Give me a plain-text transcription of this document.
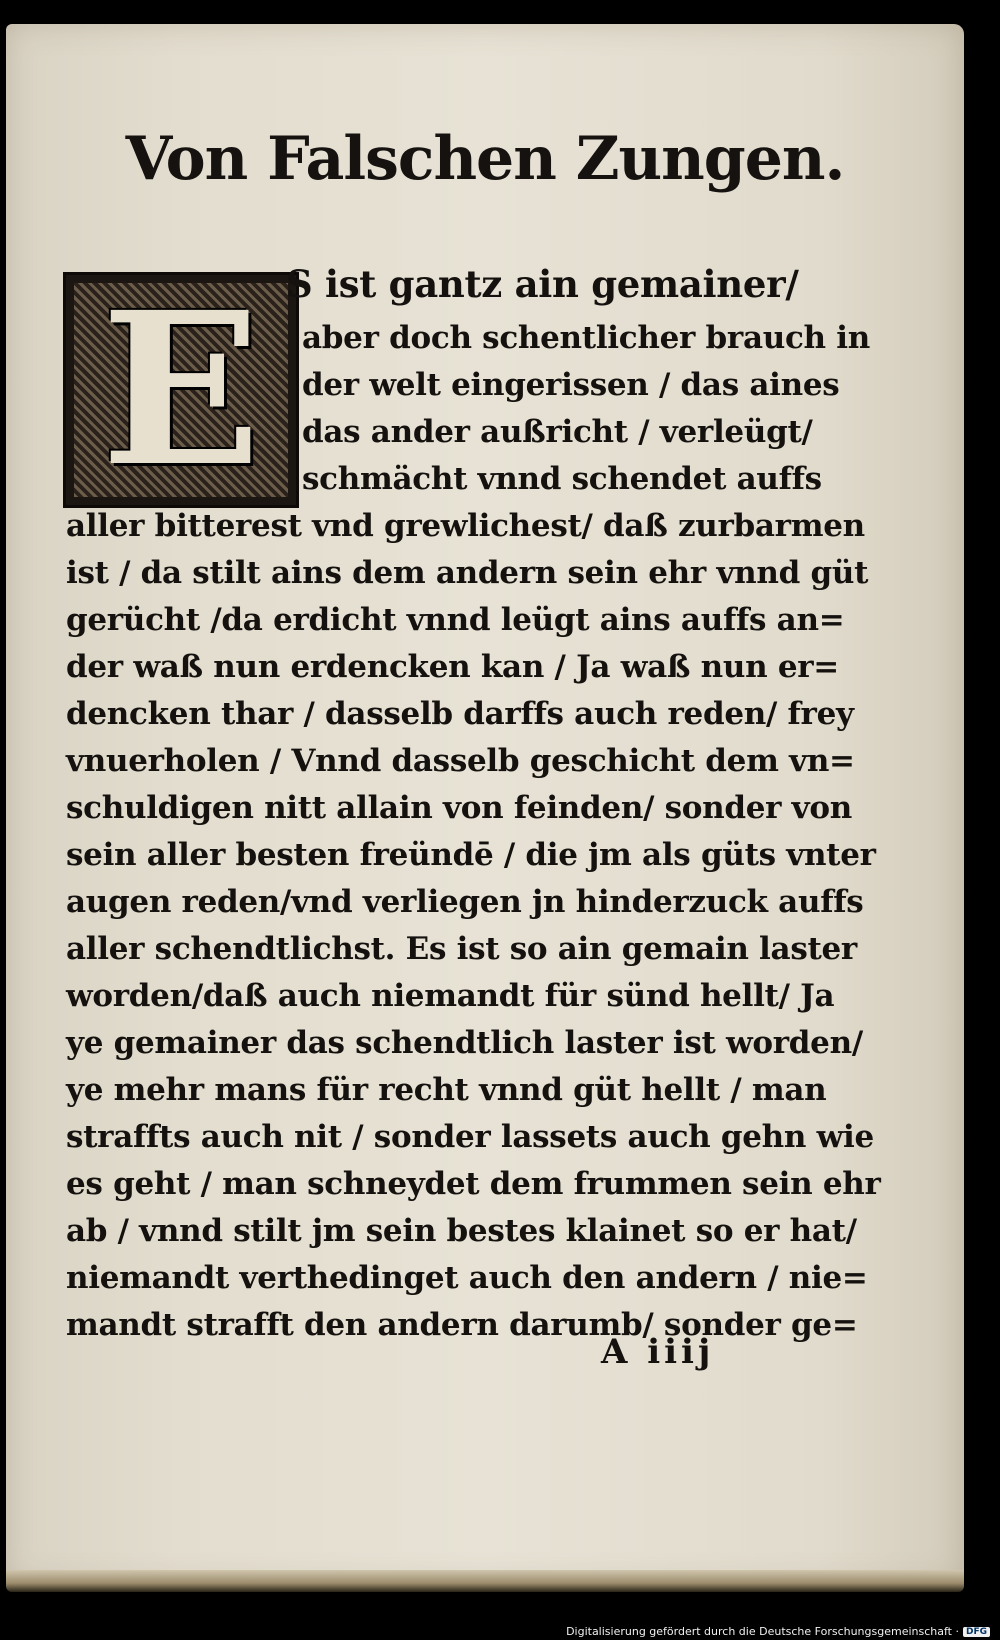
Von Falschen Zungen.
E S ist gantz ain gemainer/
aber doch schentlicher brauch in
der welt eingerissen / das aines
das ander außricht / verleügt/
schmächt vnnd schendet auffs
aller bitterest vnd grewlichest/ daß zurbarmen
ist / da stilt ains dem andern sein ehr vnnd güt
gerücht /da erdicht vnnd leügt ains auffs an=
der waß nun erdencken kan / Ja waß nun er=
dencken thar / dasselb darffs auch reden/ frey
vnuerholen / Vnnd dasselb geschicht dem vn=
schuldigen nitt allain von feinden/ sonder von
sein aller besten freündē / die jm als güts vnter
augen reden/vnd verliegen jn hinderzuck auffs
aller schendtlichst. Es ist so ain gemain laster
worden/daß auch niemandt für sünd hellt/ Ja
ye gemainer das schendtlich laster ist worden/
ye mehr mans für recht vnnd güt hellt / man
straffts auch nit / sonder lassets auch gehn wie
es geht / man schneydet dem frummen sein ehr
ab / vnnd stilt jm sein bestes klainet so er hat/
niemandt verthedinget auch den andern / nie=
mandt strafft den andern darumb/ sonder ge=
A iiij
Digitalisierung gefördert durch die Deutsche Forschungsgemeinschaft · DFG
